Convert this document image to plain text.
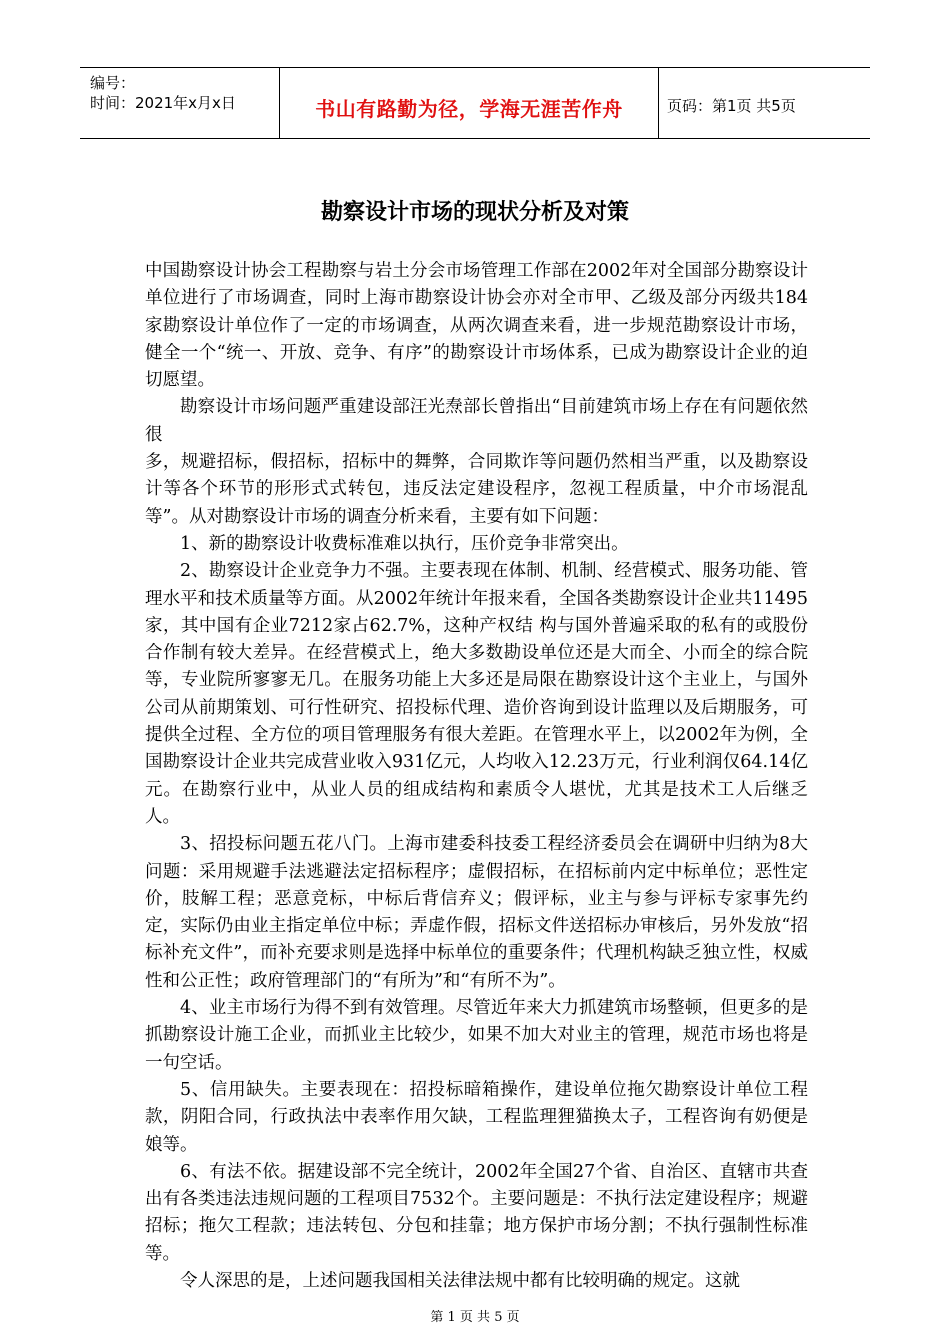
编号：
时间：2021年x月x日	书山有路勤为径，学海无涯苦作舟	页码：第1页 共5页
勘察设计市场的现状分析及对策

中国勘察设计协会工程勘察与岩土分会市场管理工作部在2002年对全国部分勘察设计单位进行了市场调查，同时上海市勘察设计协会亦对全市甲、乙级及部分丙级共184家勘察设计单位作了一定的市场调查，从两次调查来看，进一步规范勘察设计市场，健全一个“统一、开放、竞争、有序”的勘察设计市场体系，已成为勘察设计企业的迫切愿望。

勘察设计市场问题严重建设部汪光焘部长曾指出“目前建筑市场上存在有问题依然很

多，规避招标，假招标，招标中的舞弊，合同欺诈等问题仍然相当严重，以及勘察设计等各个环节的形形式式转包，违反法定建设程序，忽视工程质量，中介市场混乱等”。从对勘察设计市场的调查分析来看，主要有如下问题：

1、新的勘察设计收费标准难以执行，压价竞争非常突出。

2、勘察设计企业竞争力不强。主要表现在体制、机制、经营模式、服务功能、管理水平和技术质量等方面。从2002年统计年报来看，全国各类勘察设计企业共11495家，其中国有企业7212家占62.7%，这种产权结 构与国外普遍采取的私有的或股份合作制有较大差异。在经营模式上，绝大多数勘设单位还是大而全、小而全的综合院等，专业院所寥寥无几。在服务功能上大多还是局限在勘察设计这个主业上，与国外公司从前期策划、可行性研究、招投标代理、造价咨询到设计监理以及后期服务，可提供全过程、全方位的项目管理服务有很大差距。在管理水平上，以2002年为例，全国勘察设计企业共完成营业收入931亿元，人均收入12.23万元，行业利润仅64.14亿元。在勘察行业中，从业人员的组成结构和素质令人堪忧，尤其是技术工人后继乏人。

3、招投标问题五花八门。上海市建委科技委工程经济委员会在调研中归纳为8大问题：采用规避手法逃避法定招标程序；虚假招标，在招标前内定中标单位；恶性定价，肢解工程；恶意竞标，中标后背信弃义；假评标，业主与参与评标专家事先约定，实际仍由业主指定单位中标；弄虚作假，招标文件送招标办审核后，另外发放“招标补充文件”，而补充要求则是选择中标单位的重要条件；代理机构缺乏独立性，权威性和公正性；政府管理部门的“有所为”和“有所不为”。

4、业主市场行为得不到有效管理。尽管近年来大力抓建筑市场整顿，但更多的是抓勘察设计施工企业，而抓业主比较少，如果不加大对业主的管理，规范市场也将是一句空话。

5、信用缺失。主要表现在：招投标暗箱操作，建设单位拖欠勘察设计单位工程款，阴阳合同，行政执法中表率作用欠缺，工程监理狸猫换太子，工程咨询有奶便是娘等。

6、有法不依。据建设部不完全统计，2002年全国27个省、自治区、直辖市共查出有各类违法违规问题的工程项目7532个。主要问题是：不执行法定建设程序；规避招标；拖欠工程款；违法转包、分包和挂靠；地方保护市场分割；不执行强制性标准等。

令人深思的是，上述问题我国相关法律法规中都有比较明确的规定。这就

第 1 页 共 5 页
